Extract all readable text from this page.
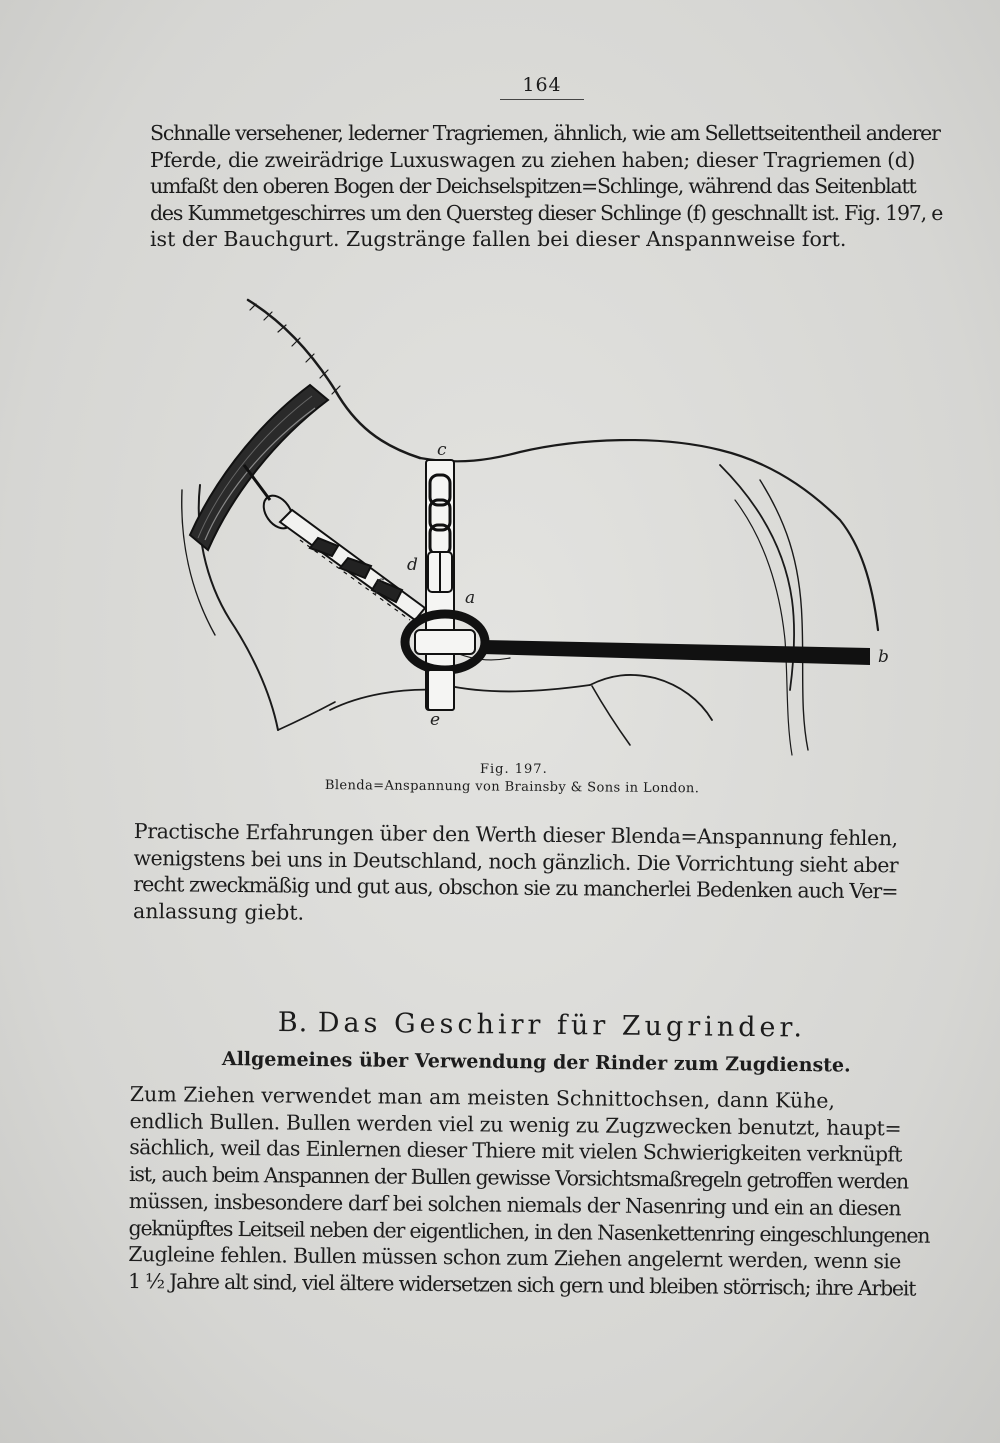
164

Schnalle versehener, lederner Tragriemen, ähnlich, wie am Sellettseitentheil anderer
Pferde, die zweirädrige Luxuswagen zu ziehen haben; dieser Tragriemen (d)
umfaßt den oberen Bogen der Deichselspitzen=Schlinge, während das Seitenblatt
des Kummetgeschirres um den Quersteg dieser Schlinge (f) geschnallt ist. Fig. 197, e
ist der Bauchgurt. Zugstränge fallen bei dieser Anspannweise fort.

c
d
a
b
f
e
Fig. 197.
Blenda=Anspannung von Brainsby & Sons in London.

Practische Erfahrungen über den Werth dieser Blenda=Anspannung fehlen,
wenigstens bei uns in Deutschland, noch gänzlich. Die Vorrichtung sieht aber
recht zweckmäßig und gut aus, obschon sie zu mancherlei Bedenken auch Ver=
anlassung giebt.

B. Das Geschirr für Zugrinder.
Allgemeines über Verwendung der Rinder zum Zugdienste.

Zum Ziehen verwendet man am meisten Schnittochsen, dann Kühe,
endlich Bullen. Bullen werden viel zu wenig zu Zugzwecken benutzt, haupt=
sächlich, weil das Einlernen dieser Thiere mit vielen Schwierigkeiten verknüpft
ist, auch beim Anspannen der Bullen gewisse Vorsichtsmaßregeln getroffen werden
müssen, insbesondere darf bei solchen niemals der Nasenring und ein an diesen
geknüpftes Leitseil neben der eigentlichen, in den Nasenkettenring eingeschlungenen
Zugleine fehlen. Bullen müssen schon zum Ziehen angelernt werden, wenn sie
1 ½ Jahre alt sind, viel ältere widersetzen sich gern und bleiben störrisch; ihre Arbeit
